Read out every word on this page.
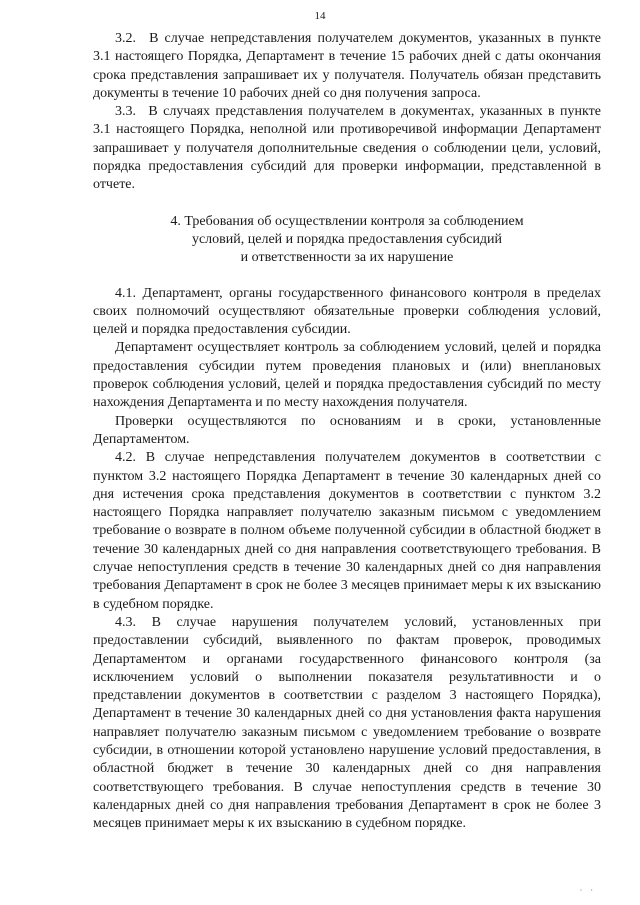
14

3.2.  В случае непредставления получателем документов, указанных в пункте 3.1 настоящего Порядка, Департамент в течение 15 рабочих дней с даты окончания срока представления запрашивает их у получателя. Получатель обязан представить документы в течение 10 рабочих дней со дня получения запроса.

3.3.  В случаях представления получателем в документах, указанных в пункте 3.1 настоящего Порядка, неполной или противоречивой информации Департамент запрашивает у получателя дополнительные сведения о соблюдении цели, условий, порядка предоставления субсидий для проверки информации, представленной в отчете.

4. Требования об осуществлении контроля за соблюдением
условий, целей и порядка предоставления субсидий
и ответственности за их нарушение

4.1. Департамент, органы государственного финансового контроля в пределах своих полномочий осуществляют обязательные проверки соблюдения условий, целей и порядка предоставления субсидии.

Департамент осуществляет контроль за соблюдением условий, целей и порядка предоставления субсидии путем проведения плановых и (или) внеплановых проверок соблюдения условий, целей и порядка предоставления субсидий по месту нахождения Департамента и по месту нахождения получателя.

Проверки осуществляются по основаниям и в сроки, установленные Департаментом.

4.2. В случае непредставления получателем документов в соответствии с пунктом 3.2 настоящего Порядка Департамент в течение 30 календарных дней со дня истечения срока представления документов в соответствии с пунктом 3.2 настоящего Порядка направляет получателю заказным письмом с уведомлением требование о возврате в полном объеме полученной субсидии в областной бюджет в течение 30 календарных дней со дня направления соответствующего требования. В случае непоступления средств в течение 30 календарных дней со дня направления требования Департамент в срок не более 3 месяцев принимает меры к их взысканию в судебном порядке.

4.3. В случае нарушения получателем условий, установленных при предоставлении субсидий, выявленного по фактам проверок, проводимых Департаментом и органами государственного финансового контроля (за исключением условий о выполнении показателя результативности и о представлении документов в соответствии с разделом 3 настоящего Порядка), Департамент в течение 30 календарных дней со дня установления факта нарушения направляет получателю заказным письмом с уведомлением требование о возврате субсидии, в отношении которой установлено нарушение условий предоставления, в областной бюджет в течение 30 календарных дней со дня направления соответствующего требования. В случае непоступления средств в течение 30 календарных дней со дня направления требования Департамент в срок не более 3 месяцев принимает меры к их взысканию в судебном порядке.

· ·
